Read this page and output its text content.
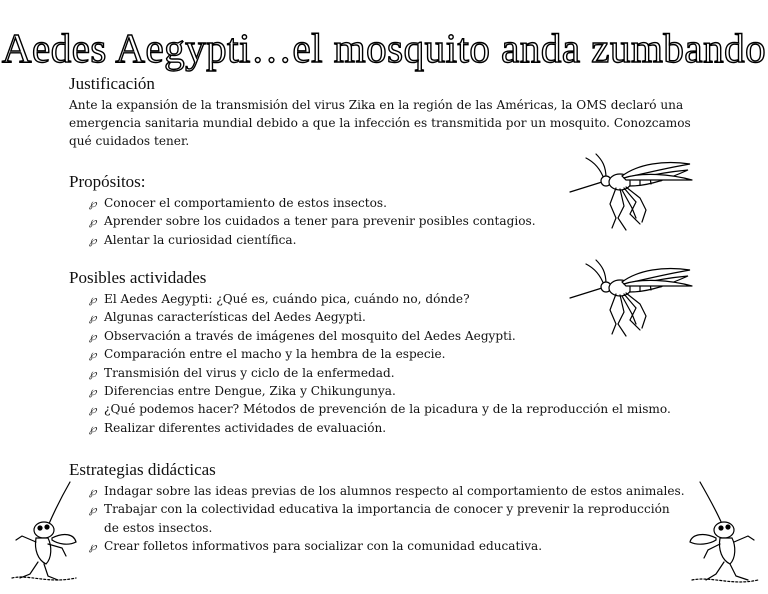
Aedes Aegypti…el mosquito anda zumbando
Justificación

Ante la expansión de la transmisión del virus Zika en la región de las Américas, la OMS declaró una emergencia sanitaria mundial debido a que la infección es transmitida por un mosquito. Conozcamos qué cuidados tener.

Propósitos:
℘ Conocer el comportamiento de estos insectos.
℘ Aprender sobre los cuidados a tener para prevenir posibles contagios.
℘ Alentar la curiosidad científica.
Posibles actividades
℘ El Aedes Aegypti: ¿Qué es, cuándo pica, cuándo no, dónde?
℘ Algunas características del Aedes Aegypti.
℘ Observación a través de imágenes del mosquito del Aedes Aegypti.
℘ Comparación entre el macho y la hembra de la especie.
℘ Transmisión del virus y ciclo de la enfermedad.
℘ Diferencias entre Dengue, Zika y Chikungunya.
℘ ¿Qué podemos hacer? Métodos de prevención de la picadura y de la reproducción el mismo.
℘ Realizar diferentes actividades de evaluación.
Estrategias didácticas
℘ Indagar sobre las ideas previas de los alumnos respecto al comportamiento de estos animales.
℘ Trabajar con la colectividad educativa la importancia de conocer y prevenir la reproducción de estos insectos.
℘ Crear folletos informativos para socializar con la comunidad educativa.
